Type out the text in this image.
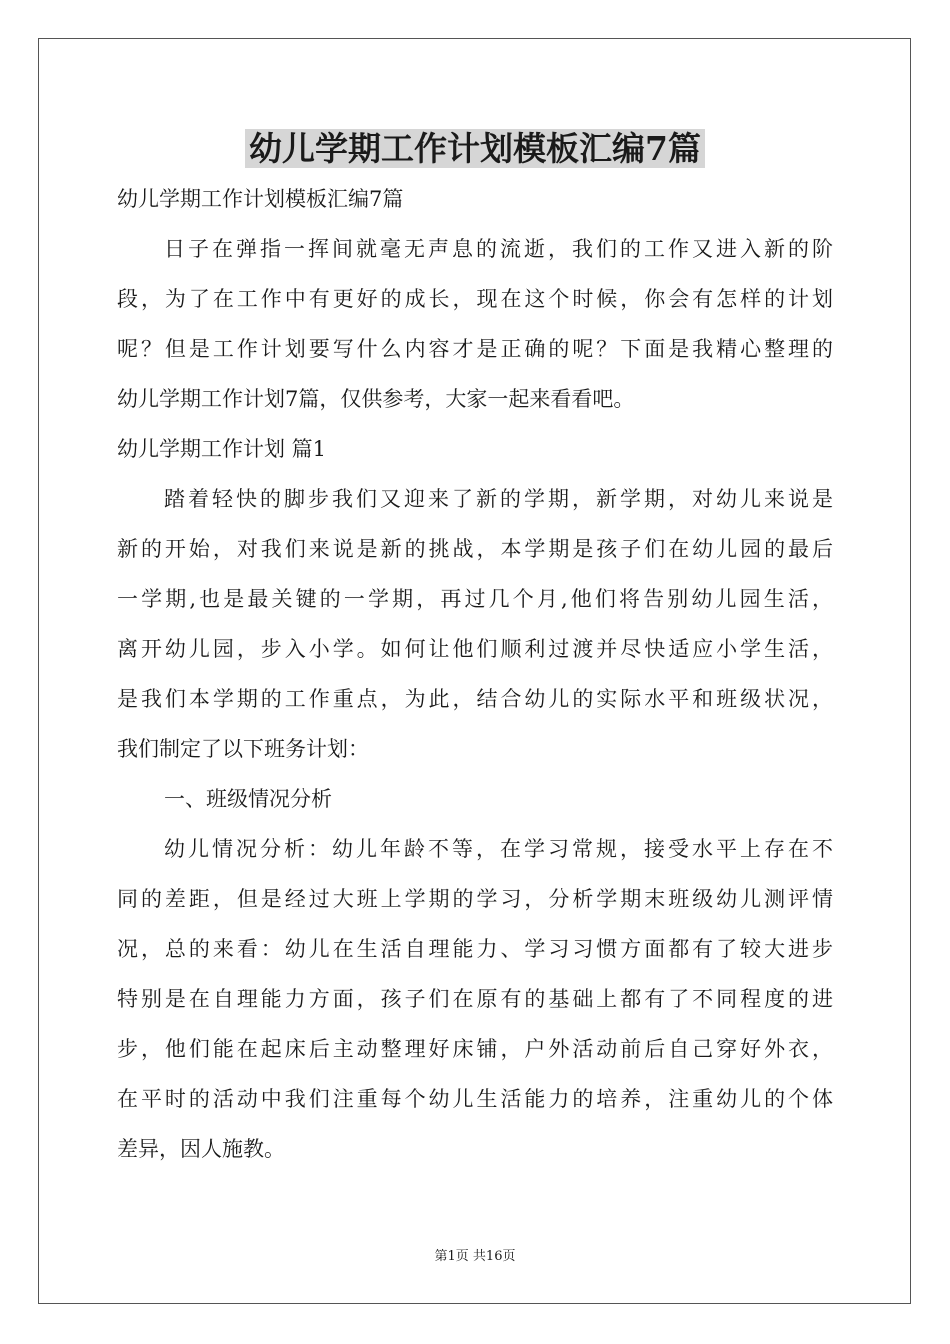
幼儿学期工作计划模板汇编7篇
幼儿学期工作计划模板汇编7篇
日子在弹指一挥间就毫无声息的流逝，我们的工作又进入新的阶
段，为了在工作中有更好的成长，现在这个时候，你会有怎样的计划
呢？但是工作计划要写什么内容才是正确的呢？下面是我精心整理的
幼儿学期工作计划7篇，仅供参考，大家一起来看看吧。
幼儿学期工作计划 篇1
踏着轻快的脚步我们又迎来了新的学期，新学期，对幼儿来说是
新的开始，对我们来说是新的挑战，本学期是孩子们在幼儿园的最后
一学期,也是最关键的一学期，再过几个月,他们将告别幼儿园生活，
离开幼儿园，步入小学。如何让他们顺利过渡并尽快适应小学生活，
是我们本学期的工作重点，为此，结合幼儿的实际水平和班级状况，
我们制定了以下班务计划：
一、班级情况分析
幼儿情况分析：幼儿年龄不等，在学习常规，接受水平上存在不
同的差距，但是经过大班上学期的学习，分析学期末班级幼儿测评情
况，总的来看：幼儿在生活自理能力、学习习惯方面都有了较大进步
特别是在自理能力方面，孩子们在原有的基础上都有了不同程度的进
步，他们能在起床后主动整理好床铺，户外活动前后自己穿好外衣，
在平时的活动中我们注重每个幼儿生活能力的培养，注重幼儿的个体
差异，因人施教。
第1页 共16页
